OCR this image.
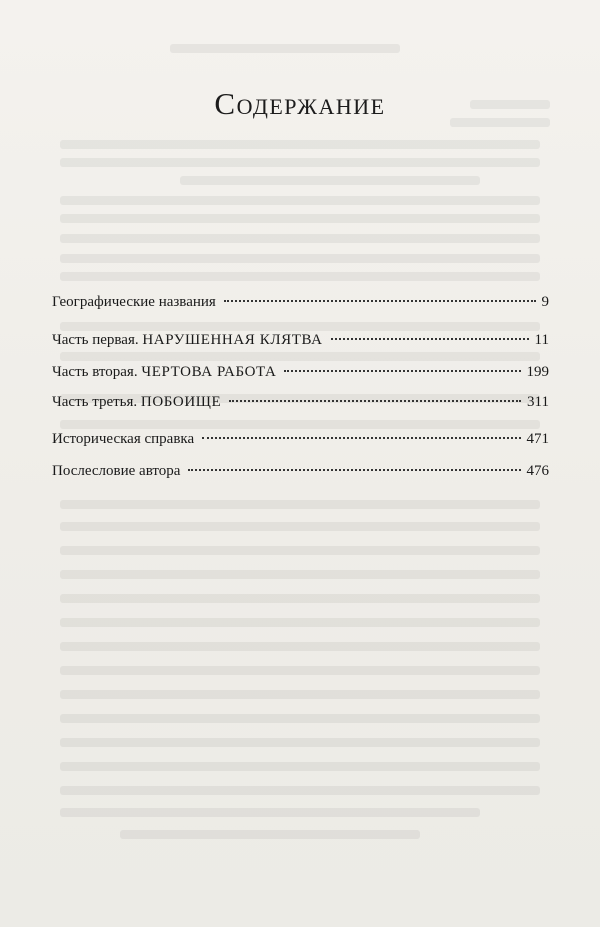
Содержание
Географические названия	9
Часть первая. НАРУШЕННАЯ КЛЯТВА	11
Часть вторая. ЧЕРТОВА РАБОТА	199
Часть третья. ПОБОИЩЕ	311
Историческая справка	471
Послесловие автора	476
